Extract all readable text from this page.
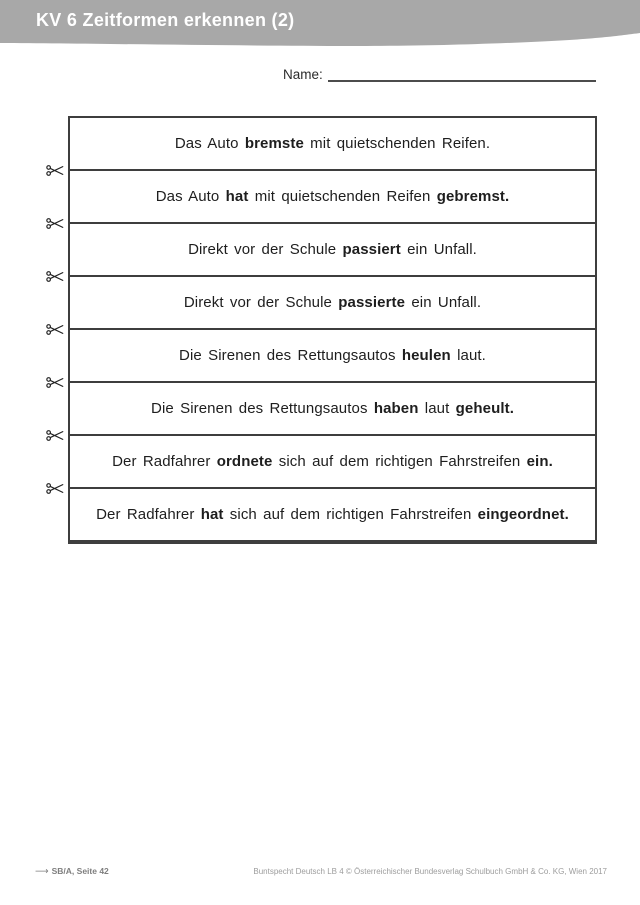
KV 6 Zeitformen erkennen (2)
Name:
Das Auto bremste mit quietschenden Reifen.
Das Auto hat mit quietschenden Reifen gebremst.
Direkt vor der Schule passiert ein Unfall.
Direkt vor der Schule passierte ein Unfall.
Die Sirenen des Rettungsautos heulen laut.
Die Sirenen des Rettungsautos haben laut geheult.
Der Radfahrer ordnete sich auf dem richtigen Fahrstreifen ein.
Der Radfahrer hat sich auf dem richtigen Fahrstreifen eingeordnet.
⟶ SB/A, Seite 42	Buntspecht Deutsch LB 4 © Österreichischer Bundesverlag Schulbuch GmbH & Co. KG, Wien 2017
